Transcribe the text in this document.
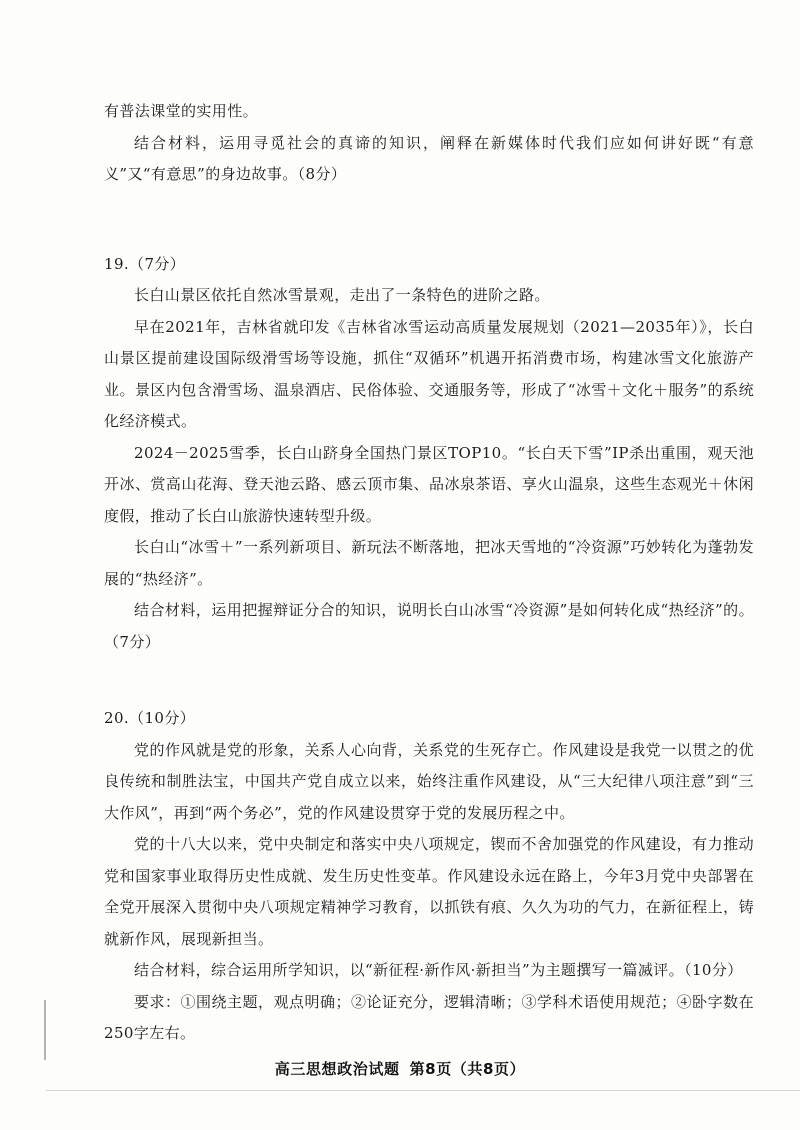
有普法课堂的实用性。

结合材料，运用寻觅社会的真谛的知识，阐释在新媒体时代我们应如何讲好既“有意义”又“有意思”的身边故事。（8分）

19.（7分）

长白山景区依托自然冰雪景观，走出了一条特色的进阶之路。

早在2021年，吉林省就印发《吉林省冰雪运动高质量发展规划（2021—2035年）》，长白山景区提前建设国际级滑雪场等设施，抓住“双循环”机遇开拓消费市场，构建冰雪文化旅游产业。景区内包含滑雪场、温泉酒店、民俗体验、交通服务等，形成了“冰雪＋文化＋服务”的系统化经济模式。

2024－2025雪季，长白山跻身全国热门景区TOP10。“长白天下雪”IP杀出重围，观天池开冰、赏高山花海、登天池云路、感云顶市集、品冰泉茶语、享火山温泉，这些生态观光＋休闲度假，推动了长白山旅游快速转型升级。

长白山“冰雪＋”一系列新项目、新玩法不断落地，把冰天雪地的“冷资源”巧妙转化为蓬勃发展的“热经济”。

结合材料，运用把握辩证分合的知识，说明长白山冰雪“冷资源”是如何转化成“热经济”的。（7分）

20.（10分）

党的作风就是党的形象，关系人心向背，关系党的生死存亡。作风建设是我党一以贯之的优良传统和制胜法宝，中国共产党自成立以来，始终注重作风建设，从“三大纪律八项注意”到“三大作风”，再到“两个务必”，党的作风建设贯穿于党的发展历程之中。

党的十八大以来，党中央制定和落实中央八项规定，锲而不舍加强党的作风建设，有力推动党和国家事业取得历史性成就、发生历史性变革。作风建设永远在路上，今年3月党中央部署在全党开展深入贯彻中央八项规定精神学习教育，以抓铁有痕、久久为功的气力，在新征程上，铸就新作风，展现新担当。

结合材料，综合运用所学知识，以“新征程·新作风·新担当”为主题撰写一篇㓕评。（10分）

要求：①围绕主题，观点明确；②论证充分，逻辑清晰；③学科术语使用规范；④卧字数在250字左右。

高三思想政治试题 第8页（共8页）
